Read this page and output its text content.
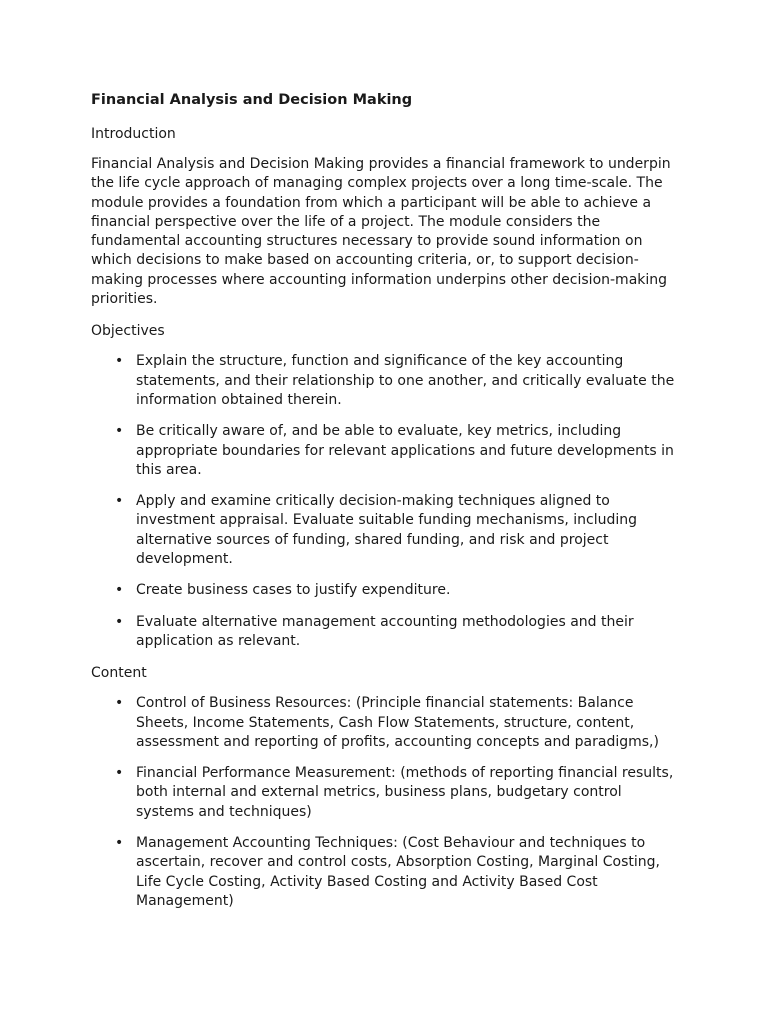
Financial Analysis and Decision Making
Introduction

Financial Analysis and Decision Making provides a financial framework to underpin the life cycle approach of managing complex projects over a long time-scale. The module provides a foundation from which a participant will be able to achieve a financial perspective over the life of a project. The module considers the fundamental accounting structures necessary to provide sound information on which decisions to make based on accounting criteria, or, to support decision-making processes where accounting information underpins other decision-making priorities.

Objectives
• Explain the structure, function and significance of the key accounting statements, and their relationship to one another, and critically evaluate the information obtained therein.
• Be critically aware of, and be able to evaluate, key metrics, including appropriate boundaries for relevant applications and future developments in this area.
• Apply and examine critically decision-making techniques aligned to investment appraisal. Evaluate suitable funding mechanisms, including alternative sources of funding, shared funding, and risk and project development.
• Create business cases to justify expenditure.
• Evaluate alternative management accounting methodologies and their application as relevant.
Content
• Control of Business Resources: (Principle financial statements: Balance Sheets, Income Statements, Cash Flow Statements, structure, content, assessment and reporting of profits, accounting concepts and paradigms,)
• Financial Performance Measurement: (methods of reporting financial results, both internal and external metrics, business plans, budgetary control systems and techniques)
• Management Accounting Techniques: (Cost Behaviour and techniques to ascertain, recover and control costs, Absorption Costing, Marginal Costing, Life Cycle Costing, Activity Based Costing and Activity Based Cost Management)
